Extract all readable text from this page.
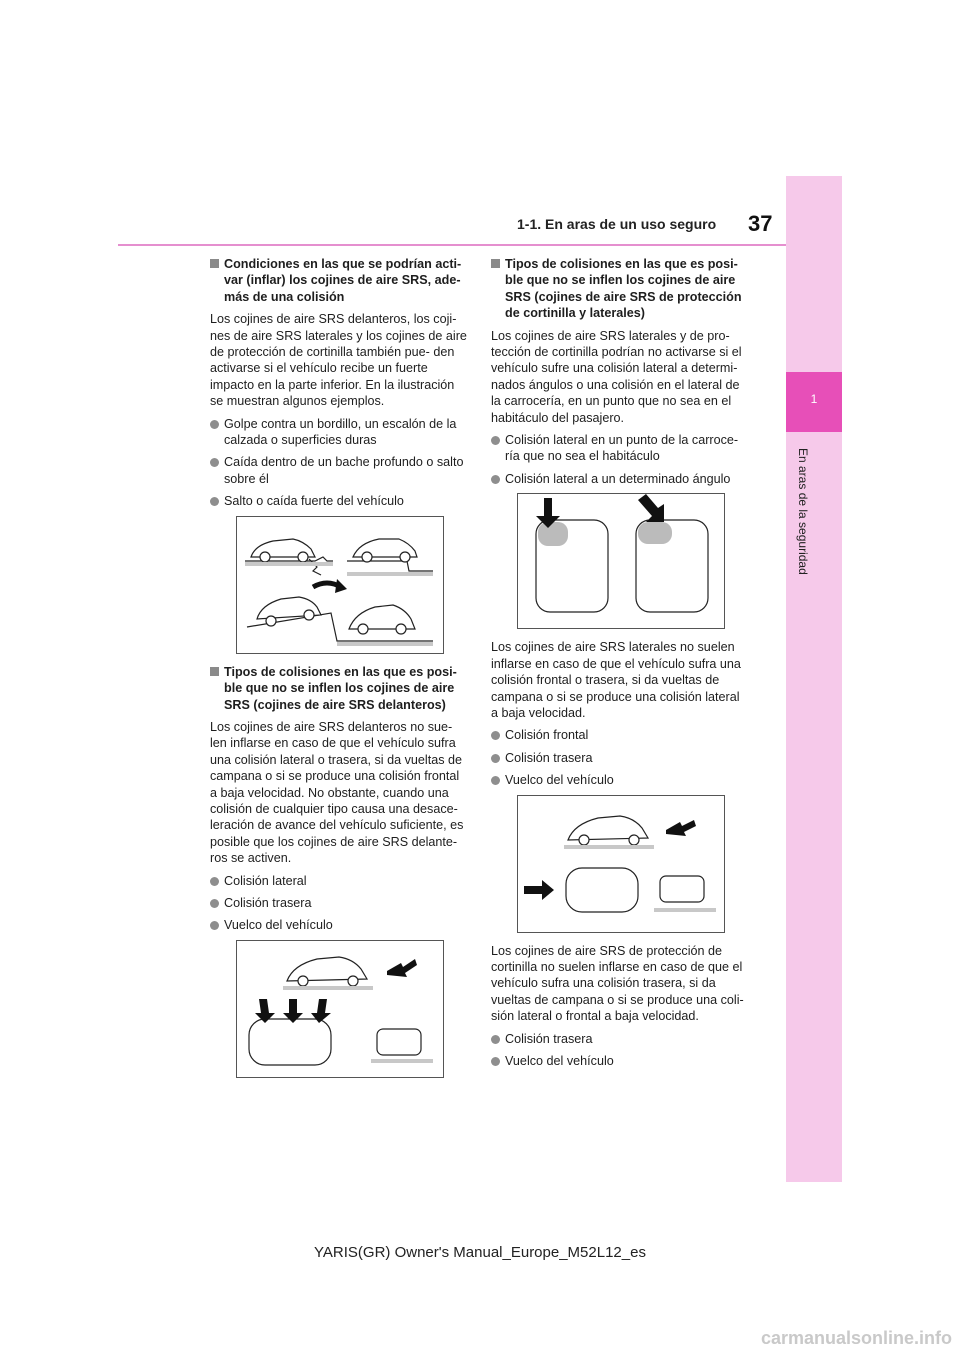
1-1. En aras de un uso seguro 37
1
En aras de la seguridad
Condiciones en las que se podrían acti- var (inflar) los cojines de aire SRS, ade- más de una colisión

Los cojines de aire SRS delanteros, los coji- nes de aire SRS laterales y los cojines de aire de protección de cortinilla también pue- den activarse si el vehículo recibe un fuerte impacto en la parte inferior. En la ilustración se muestran algunos ejemplos.

Golpe contra un bordillo, un escalón de la calzada o superficies duras
Caída dentro de un bache profundo o salto sobre él
Salto o caída fuerte del vehículo
Tipos de colisiones en las que es posi- ble que no se inflen los cojines de aire SRS (cojines de aire SRS delanteros)

Los cojines de aire SRS delanteros no sue- len inflarse en caso de que el vehículo sufra una colisión lateral o trasera, si da vueltas de campana o si se produce una colisión frontal a baja velocidad. No obstante, cuando una colisión de cualquier tipo causa una desace- leración de avance del vehículo suficiente, es posible que los cojines de aire SRS delante- ros se activen.

Colisión lateral
Colisión trasera
Vuelco del vehículo
Tipos de colisiones en las que es posi- ble que no se inflen los cojines de aire SRS (cojines de aire SRS de protección de cortinilla y laterales)

Los cojines de aire SRS laterales y de pro- tección de cortinilla podrían no activarse si el vehículo sufre una colisión lateral a determi- nados ángulos o una colisión en el lateral de la carrocería, en un punto que no sea en el habitáculo del pasajero.

Colisión lateral en un punto de la carroce- ría que no sea el habitáculo
Colisión lateral a un determinado ángulo

Los cojines de aire SRS laterales no suelen inflarse en caso de que el vehículo sufra una colisión frontal o trasera, si da vueltas de campana o si se produce una colisión lateral a baja velocidad.

Colisión frontal
Colisión trasera
Vuelco del vehículo

Los cojines de aire SRS de protección de cortinilla no suelen inflarse en caso de que el vehículo sufra una colisión trasera, si da vueltas de campana o si se produce una coli- sión lateral o frontal a baja velocidad.

Colisión trasera
Vuelco del vehículo
YARIS(GR) Owner's Manual_Europe_M52L12_es
carmanualsonline.info
